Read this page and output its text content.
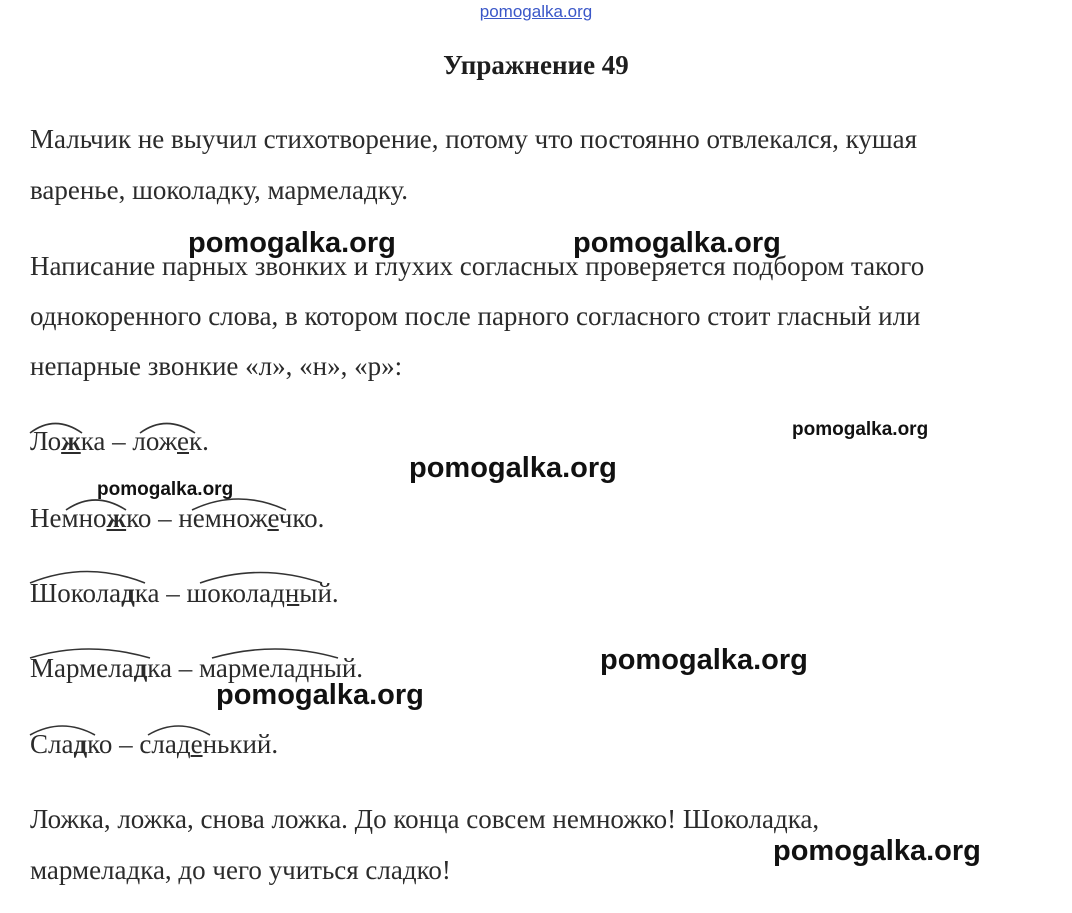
pomogalka.org
Упражнение 49
Мальчик не выучил стихотворение, потому что постоянно отвлекался, кушая
варенье, шоколадку, мармеладку.
Написание парных звонких и глухих согласных проверяется подбором такого
однокоренного слова, в котором после парного согласного стоит гласный или
непарные звонкие «л», «н», «р»:
Ложка – ложек.
Немножко – немножечко.
Шоколадка – шоколадный.
Мармеладка – мармеладный.
Сладко – сладенький.
Ложка, ложка, снова ложка. До конца совсем немножко! Шоколадка,
мармеладка, до чего учиться сладко!
pomogalka.org	pomogalka.org
pomogalka.org
pomogalka.org
pomogalka.org
pomogalka.org
pomogalka.org
pomogalka.org
